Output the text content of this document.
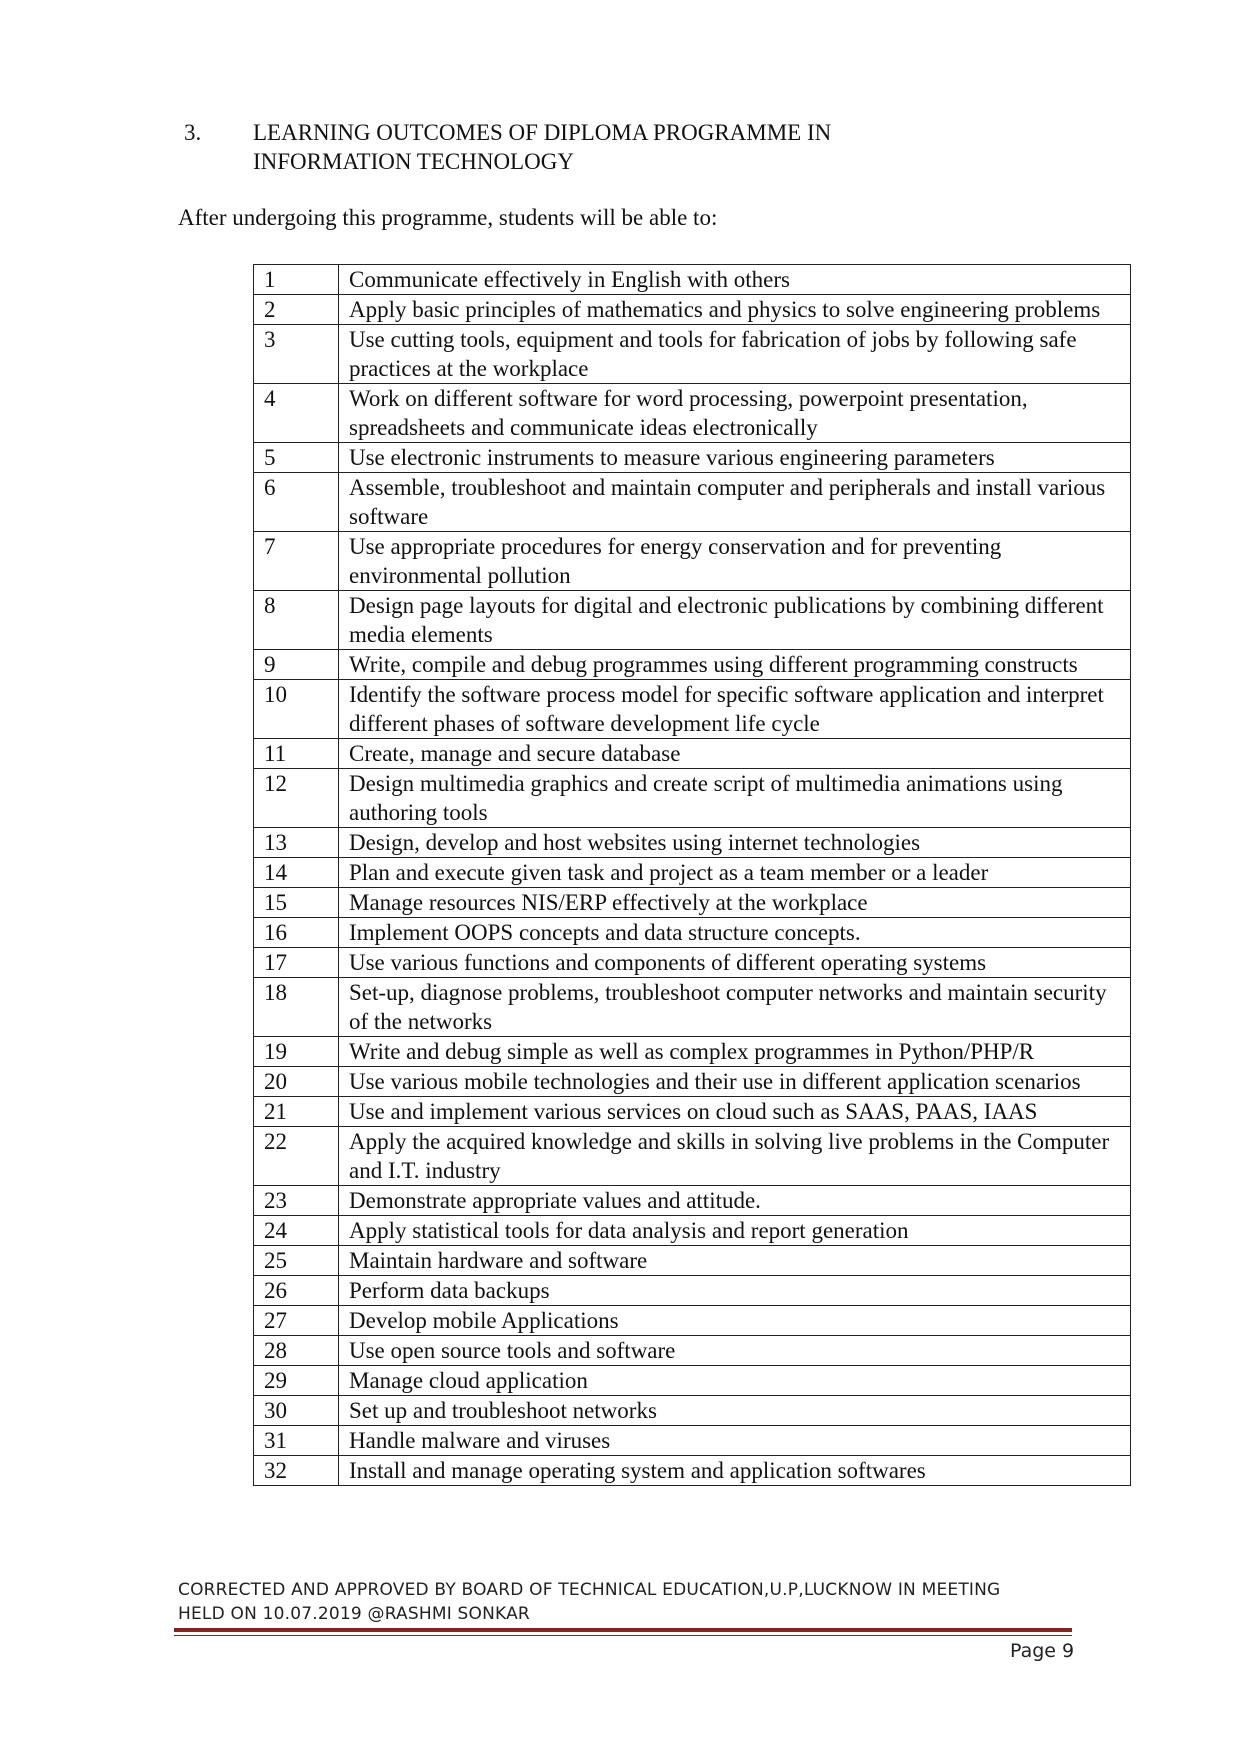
3. LEARNING OUTCOMES OF DIPLOMA PROGRAMME IN
INFORMATION TECHNOLOGY
After undergoing this programme, students will be able to:
1	Communicate effectively in English with others
2	Apply basic principles of mathematics and physics to solve engineering problems
3	Use cutting tools, equipment and tools for fabrication of jobs by following safe practices at the workplace
4	Work on different software for word processing, powerpoint presentation, spreadsheets and communicate ideas electronically
5	Use electronic instruments to measure various engineering parameters
6	Assemble, troubleshoot and maintain computer and peripherals and install various software
7	Use appropriate procedures for energy conservation and for preventing environmental pollution
8	Design page layouts for digital and electronic publications by combining different media elements
9	Write, compile and debug programmes using different programming constructs
10	Identify the software process model for specific software application and interpret different phases of software development life cycle
11	Create, manage and secure database
12	Design multimedia graphics and create script of multimedia animations using authoring tools
13	Design, develop and host websites using internet technologies
14	Plan and execute given task and project as a team member or a leader
15	Manage resources NIS/ERP effectively at the workplace
16	Implement OOPS concepts and data structure concepts.
17	Use various functions and components of different operating systems
18	Set-up, diagnose problems, troubleshoot computer networks and maintain security of the networks
19	Write and debug simple as well as complex programmes in Python/PHP/R
20	Use various mobile technologies and their use in different application scenarios
21	Use and implement various services on cloud such as SAAS, PAAS, IAAS
22	Apply the acquired knowledge and skills in solving live problems in the Computer and I.T. industry
23	Demonstrate appropriate values and attitude.
24	Apply statistical tools for data analysis and report generation
25	Maintain hardware and software
26	Perform data backups
27	Develop mobile Applications
28	Use open source tools and software
29	Manage cloud application
30	Set up and troubleshoot networks
31	Handle malware and viruses
32	Install and manage operating system and application softwares
CORRECTED AND APPROVED BY BOARD OF TECHNICAL EDUCATION,U.P,LUCKNOW IN MEETING
HELD ON 10.07.2019 @RASHMI SONKAR
Page 9
